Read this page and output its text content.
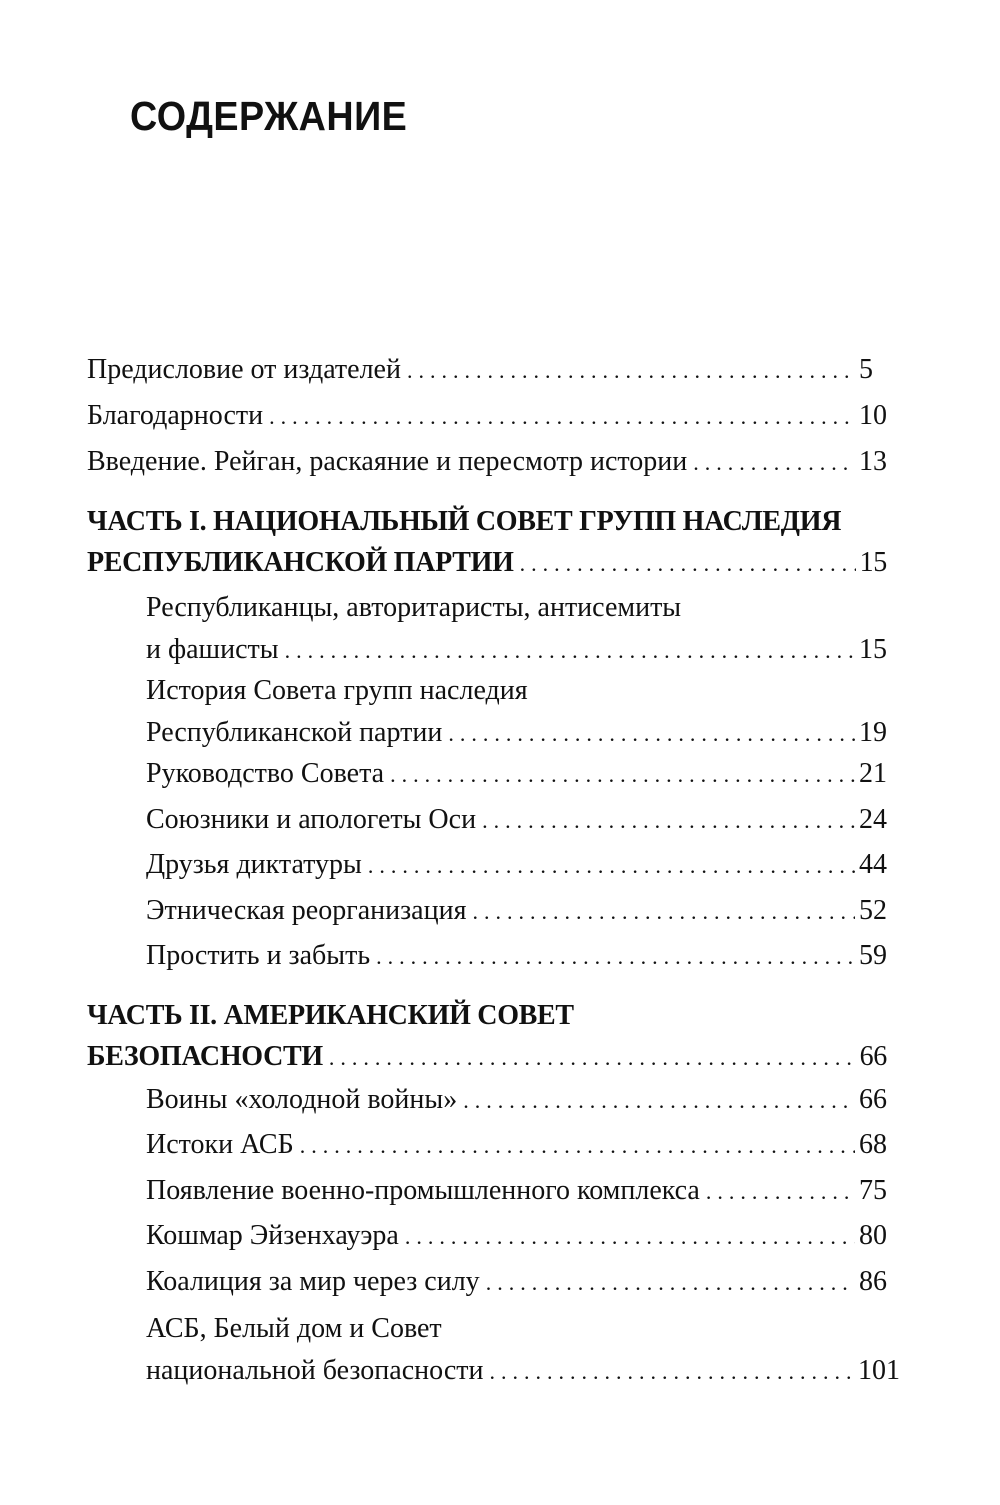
СОДЕРЖАНИЕ
Предисловие от издателей . . .	5
Благодарности . . .	10
Введение. Рейган, раскаяние и пересмотр истории . . .	13
ЧАСТЬ I. НАЦИОНАЛЬНЫЙ СОВЕТ ГРУПП НАСЛЕДИЯ
РЕСПУБЛИКАНСКОЙ ПАРТИИ . . .	15
Республиканцы, авторитаристы, антисемиты
и фашисты . . .	15
История Совета групп наследия
Республиканской партии . . .	19
Руководство Совета . . .	21
Союзники и апологеты Оси . . .	24
Друзья диктатуры . . .	44
Этническая реорганизация . . .	52
Простить и забыть . . .	59
ЧАСТЬ II. АМЕРИКАНСКИЙ СОВЕТ
БЕЗОПАСНОСТИ . . .	66
Воины «холодной войны» . . .	66
Истоки АСБ . . .	68
Появление военно-промышленного комплекса . . .	75
Кошмар Эйзенхауэра . . .	80
Коалиция за мир через силу . . .	86
АСБ, Белый дом и Совет
национальной безопасности . . .	101
